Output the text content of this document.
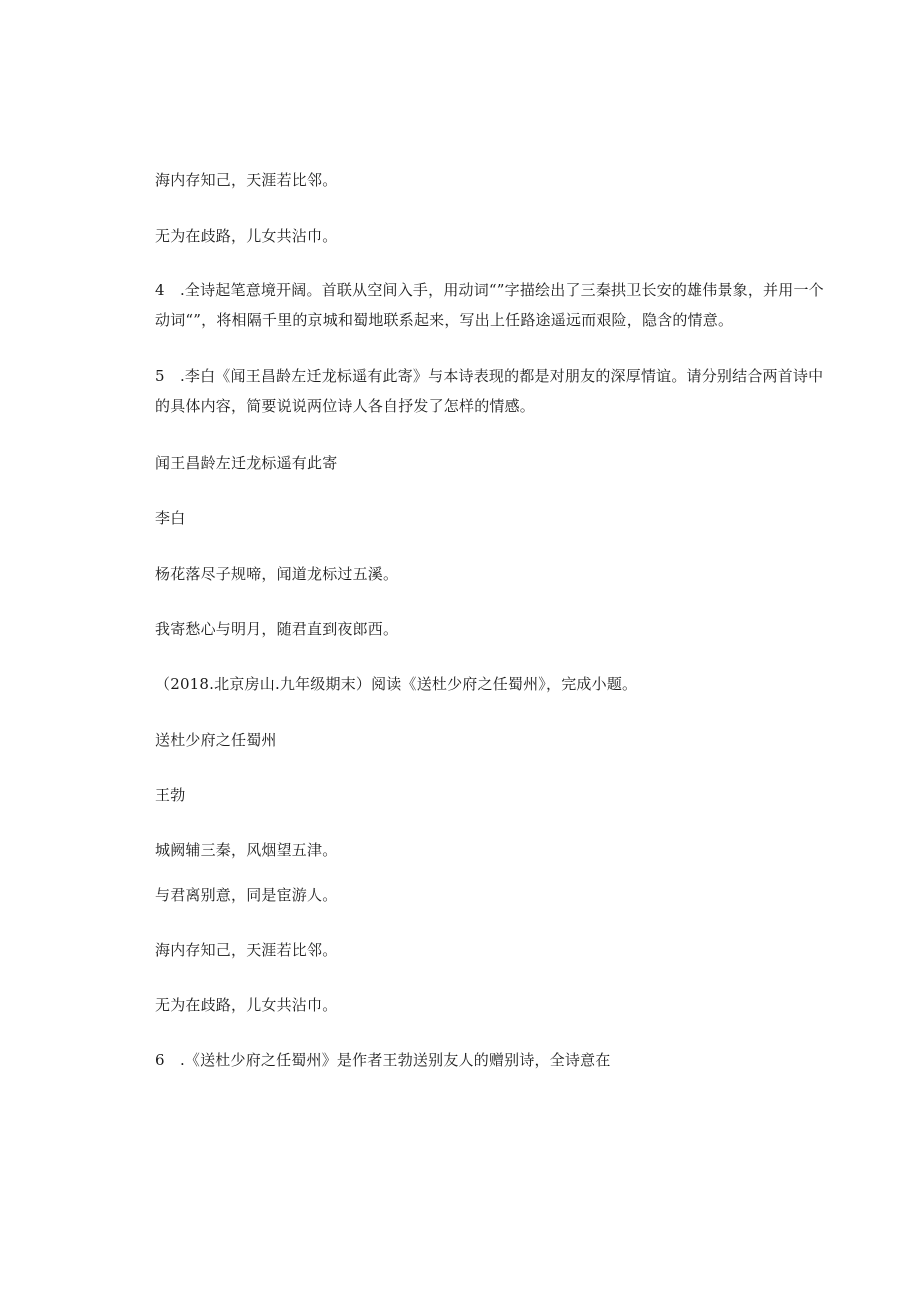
海内存知己，天涯若比邻。
无为在歧路，儿女共沾巾。
4　.全诗起笔意境开阔。首联从空间入手，用动词“”字描绘出了三秦拱卫长安的雄伟景象，并用一个动词“”，将相隔千里的京城和蜀地联系起来，写出上任路途遥远而艰险，隐含的情意。
5　.李白《闻王昌龄左迁龙标遥有此寄》与本诗表现的都是对朋友的深厚情谊。请分别结合两首诗中的具体内容，简要说说两位诗人各自抒发了怎样的情感。
闻王昌龄左迁龙标遥有此寄
李白
杨花落尽子规啼，闻道龙标过五溪。
我寄愁心与明月，随君直到夜郎西。
（2018.北京房山.九年级期末）阅读《送杜少府之任蜀州》，完成小题。
送杜少府之任蜀州
王勃
城阙辅三秦，风烟望五津。
与君离别意，同是宦游人。
海内存知己，天涯若比邻。
无为在歧路，儿女共沾巾。
6　.《送杜少府之任蜀州》是作者王勃送别友人的赠别诗，全诗意在
